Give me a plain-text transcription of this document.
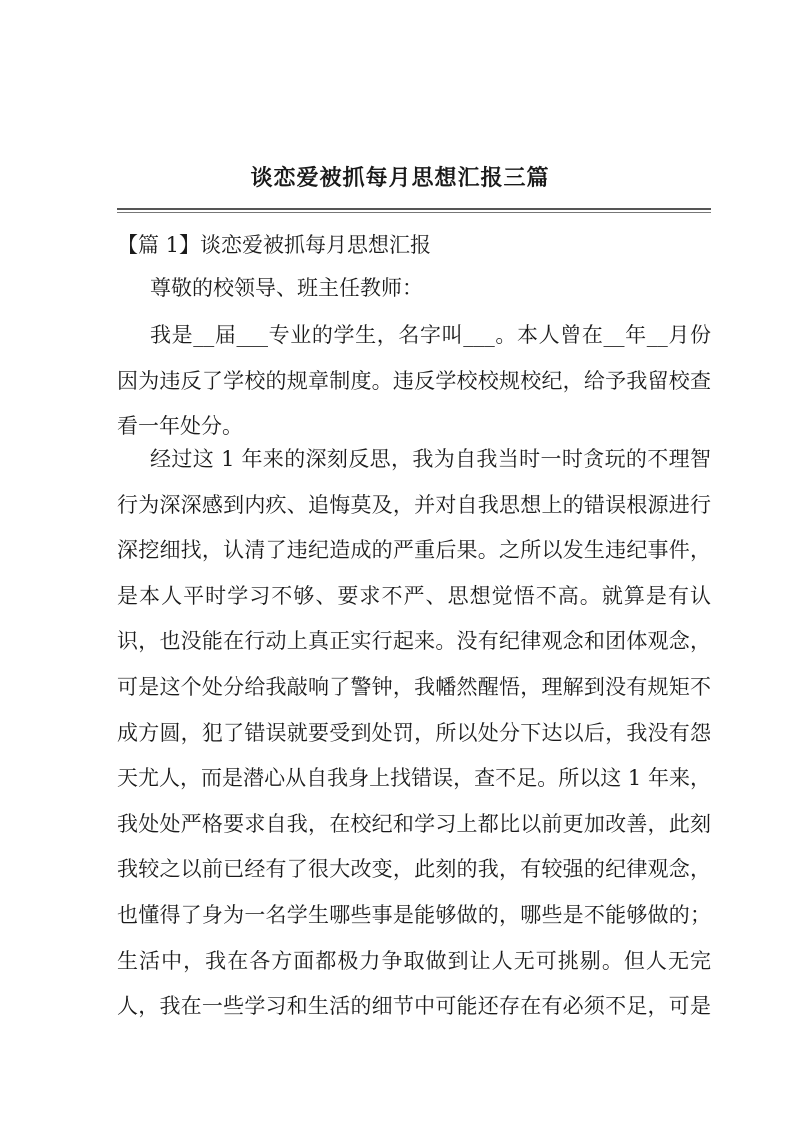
谈恋爱被抓每月思想汇报三篇
【篇 1】谈恋爱被抓每月思想汇报
尊敬的校领导、班主任教师：
我是__届___专业的学生，名字叫___。本人曾在__年__月份
因为违反了学校的规章制度。违反学校校规校纪，给予我留校查
看一年处分。
经过这 1 年来的深刻反思，我为自我当时一时贪玩的不理智
行为深深感到内疚、追悔莫及，并对自我思想上的错误根源进行
深挖细找，认清了违纪造成的严重后果。之所以发生违纪事件，
是本人平时学习不够、要求不严、思想觉悟不高。就算是有认
识，也没能在行动上真正实行起来。没有纪律观念和团体观念，
可是这个处分给我敲响了警钟，我幡然醒悟，理解到没有规矩不
成方圆，犯了错误就要受到处罚，所以处分下达以后，我没有怨
天尤人，而是潜心从自我身上找错误，查不足。所以这 1 年来，
我处处严格要求自我，在校纪和学习上都比以前更加改善，此刻
我较之以前已经有了很大改变，此刻的我，有较强的纪律观念，
也懂得了身为一名学生哪些事是能够做的，哪些是不能够做的；
生活中，我在各方面都极力争取做到让人无可挑剔。但人无完
人，我在一些学习和生活的细节中可能还存在有必须不足，可是
